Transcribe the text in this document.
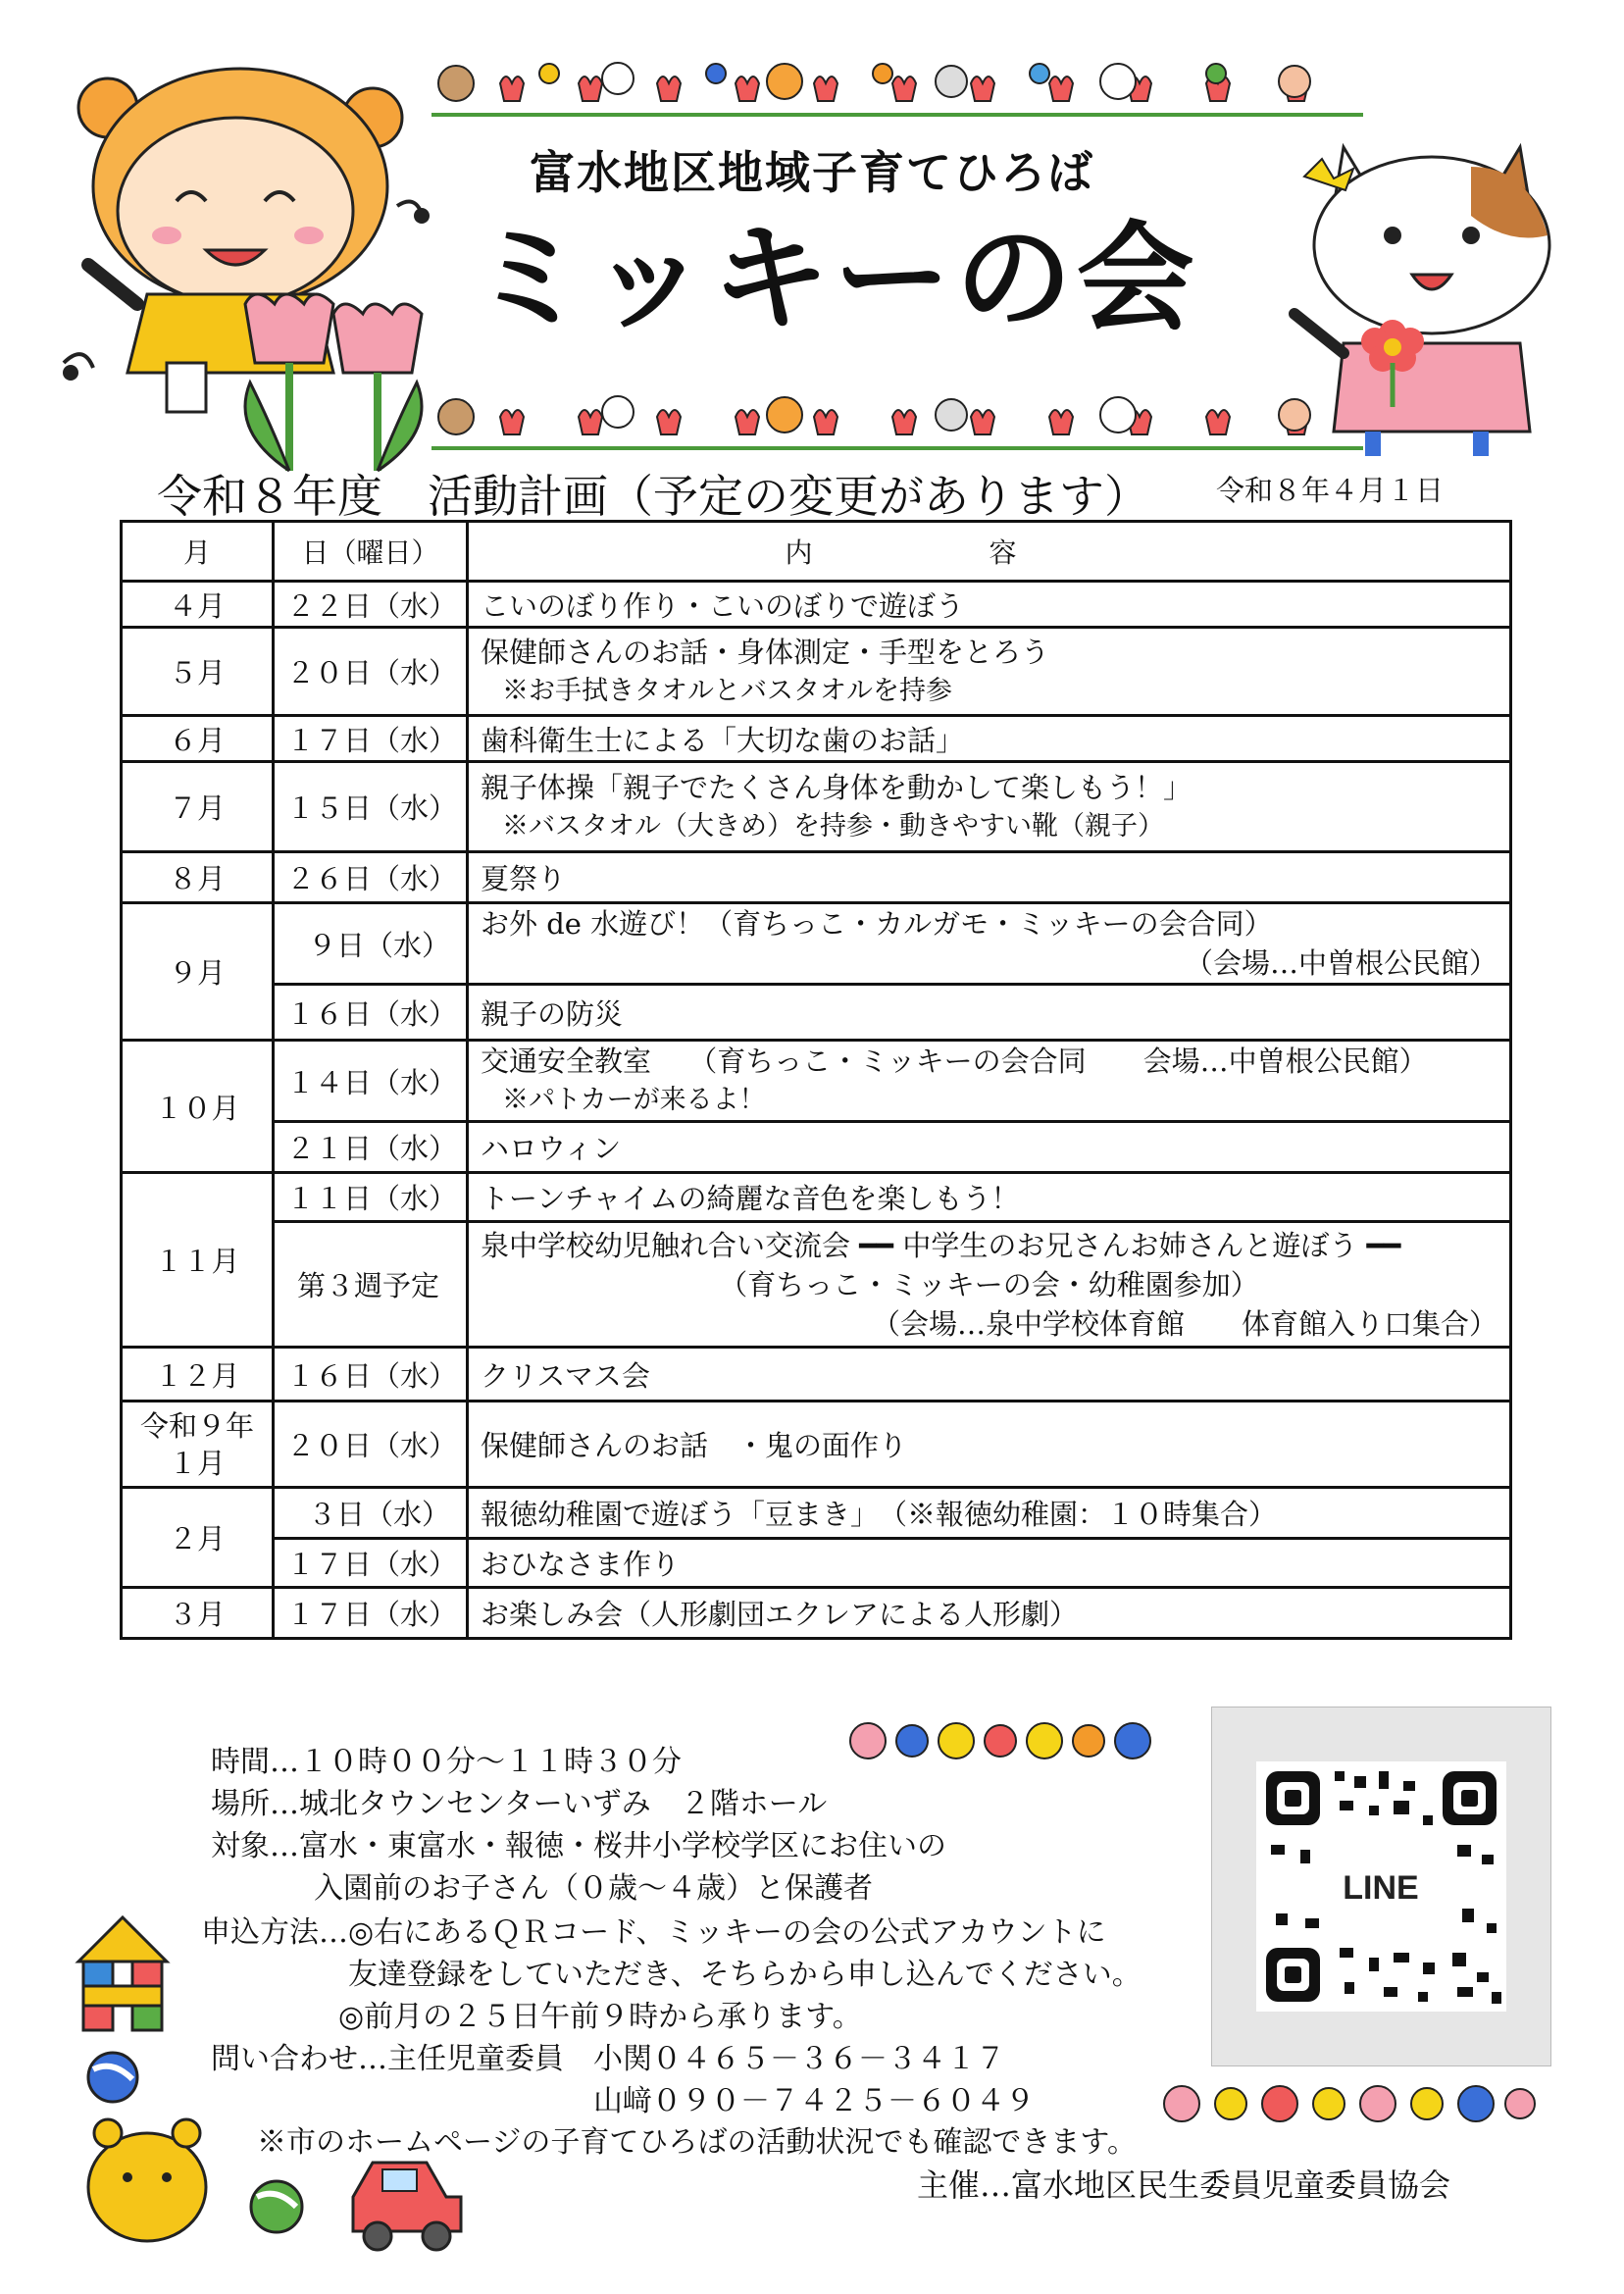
富水地区地域子育てひろば
ミッキーの会
令和８年度　活動計画（予定の変更があります） 令和８年４月１日
月	日（曜日）	内容
４月	２２日（水）	こいのぼり作り・こいのぼりで遊ぼう
５月	２０日（水）	保健師さんのお話・身体測定・手型をとろう
※お手拭きタオルとバスタオルを持参

６月	１７日（水）	歯科衛生士による「大切な歯のお話」
７月	１５日（水）	親子体操「親子でたくさん身体を動かして楽しもう！」
※バスタオル（大きめ）を持参・動きやすい靴（親子）

８月	２６日（水）	夏祭り
９月	９日（水）	お外 de 水遊び！（育ちっこ・カルガモ・ミッキーの会合同）
（会場…中曽根公民館）

	１６日（水）	親子の防災
１０月	１４日（水）	交通安全教室　 （育ちっこ・ミッキーの会合同　　会場…中曽根公民館）
※パトカーが来るよ！

	２１日（水）	ハロウィン
１１月	１１日（水）	トーンチャイムの綺麗な音色を楽しもう！
	第３週予定	泉中学校幼児触れ合い交流会 ━━ 中学生のお兄さんお姉さんと遊ぼう ━━
（育ちっこ・ミッキーの会・幼稚園参加）
（会場…泉中学校体育館　　体育館入り口集合）

１２月	１６日（水）	クリスマス会

令和９年
１月	２０日（水）	保健師さんのお話　・鬼の面作り
２月	３日（水）	報徳幼稚園で遊ぼう「豆まき」　（※報徳幼稚園：１０時集合）
	１７日（水）	おひなさま作り
３月	１７日（水）	お楽しみ会（人形劇団エクレアによる人形劇）
時間…１０時００分～１１時３０分
場所…城北タウンセンターいずみ　２階ホール
対象…富水・東富水・報徳・桜井小学校学区にお住いの
入園前のお子さん（０歳～４歳）と保護者
申込方法…◎右にあるＱＲコード、ミッキーの会の公式アカウントに
友達登録をしていただき、そちらから申し込んでください。
◎前月の２５日午前９時から承ります。
問い合わせ…主任児童委員　小関０４６５－３６－３４１７
山﨑０９０－７４２５－６０４９
※市のホームページの子育てひろばの活動状況でも確認できます。
主催…富水地区民生委員児童委員協会
LINE
